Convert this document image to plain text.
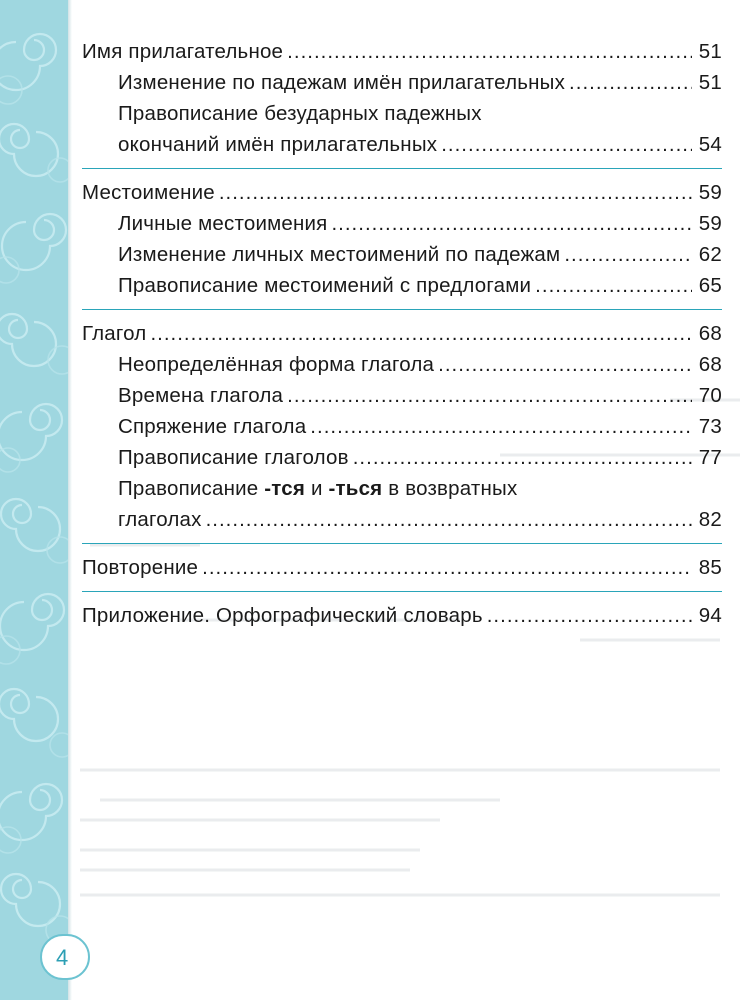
Имя прилагательное .....	51
Изменение по падежам имён прилагательных .....	51
Правописание безударных падежных
окончаний имён прилагательных .....	54
Местоимение .....	59
Личные местоимения .....	59
Изменение личных местоимений по падежам .....	62
Правописание местоимений с предлогами .....	65
Глагол .....	68
Неопределённая форма глагола .....	68
Времена глагола .....	70
Спряжение глагола .....	73
Правописание глаголов .....	77
Правописание -тся и -ться в возвратных
глаголах .....	82
Повторение .....	85
Приложение. Орфографический словарь .....	94
4
